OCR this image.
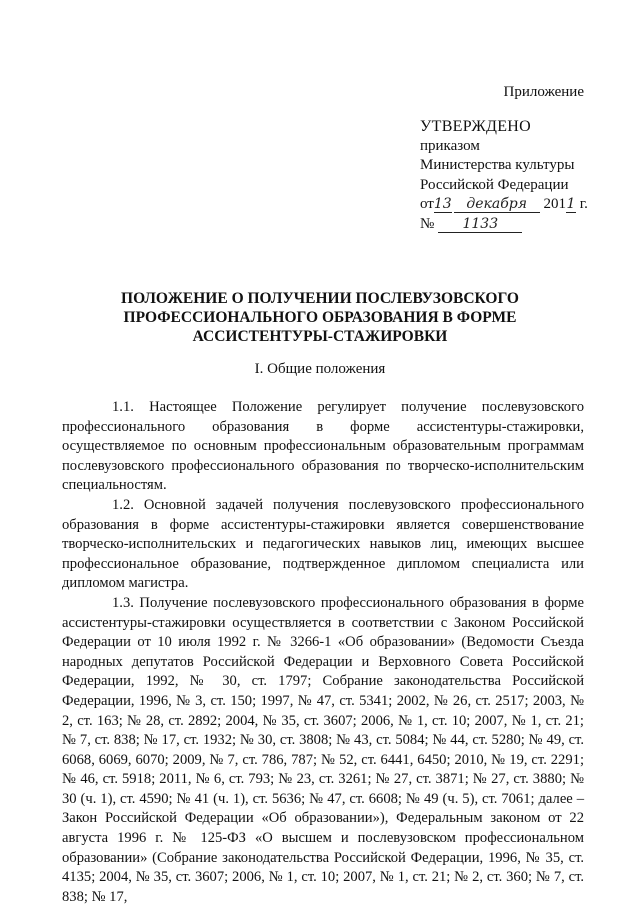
Приложение
УТВЕРЖДЕНО
приказом
Министерства культуры
Российской Федерации
от13 декабря 2011 г.
№ 1133
ПОЛОЖЕНИЕ О ПОЛУЧЕНИИ ПОСЛЕВУЗОВСКОГО ПРОФЕССИОНАЛЬНОГО ОБРАЗОВАНИЯ В ФОРМЕ АССИСТЕНТУРЫ-СТАЖИРОВКИ
I. Общие положения

1.1. Настоящее Положение регулирует получение послевузовского профессионального образования в форме ассистентуры-стажировки, осуществляемое по основным профессиональным образовательным программам послевузовского профессионального образования по творческо-исполнительским специальностям.

1.2. Основной задачей получения послевузовского профессионального образования в форме ассистентуры-стажировки является совершенствование творческо-исполнительских и педагогических навыков лиц, имеющих высшее профессиональное образование, подтвержденное дипломом специалиста или дипломом магистра.

1.3. Получение послевузовского профессионального образования в форме ассистентуры-стажировки осуществляется в соответствии с Законом Российской Федерации от 10 июля 1992 г. № 3266-1 «Об образовании» (Ведомости Съезда народных депутатов Российской Федерации и Верховного Совета Российской Федерации, 1992, № 30, ст. 1797; Собрание законодательства Российской Федерации, 1996, № 3, ст. 150; 1997, № 47, ст. 5341; 2002, № 26, ст. 2517; 2003, № 2, ст. 163; № 28, ст. 2892; 2004, № 35, ст. 3607; 2006, № 1, ст. 10; 2007, № 1, ст. 21; № 7, ст. 838; № 17, ст. 1932; № 30, ст. 3808; № 43, ст. 5084; № 44, ст. 5280; № 49, ст. 6068, 6069, 6070; 2009, № 7, ст. 786, 787; № 52, ст. 6441, 6450; 2010, № 19, ст. 2291; № 46, ст. 5918; 2011, № 6, ст. 793; № 23, ст. 3261; № 27, ст. 3871; № 27, ст. 3880; № 30 (ч. 1), ст. 4590; № 41 (ч. 1), ст. 5636; № 47, ст. 6608; № 49 (ч. 5), ст. 7061; далее – Закон Российской Федерации «Об образовании»), Федеральным законом от 22 августа 1996 г. № 125-ФЗ «О высшем и послевузовском профессиональном образовании» (Собрание законодательства Российской Федерации, 1996, № 35, ст. 4135; 2004, № 35, ст. 3607; 2006, № 1, ст. 10; 2007, № 1, ст. 21; № 2, ст. 360; № 7, ст. 838; № 17,
